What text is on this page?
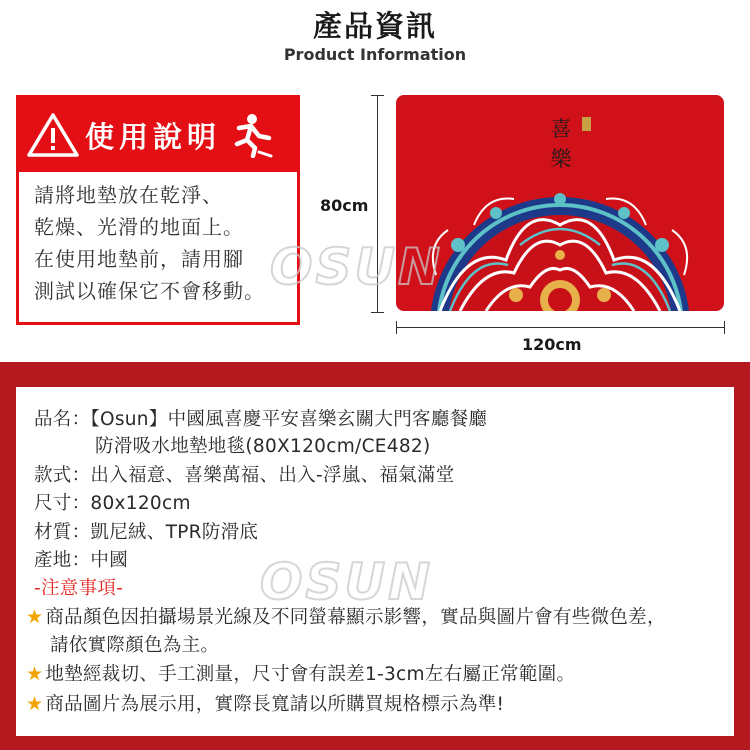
產品資訊
Product Information
使用說明
請將地墊放在乾淨、
乾燥、光滑的地面上。
在使用地墊前，請用腳
測試以確保它不會移動。
80cm
喜
樂
120cm
OSUN
品名：【Osun】中國風喜慶平安喜樂玄關大門客廳餐廳
防滑吸水地墊地毯(80X120cm/CE482)
款式：出入福意、喜樂萬福、出入-浮嵐、福氣滿堂
尺寸：80x120cm
材質：凱尼絨、TPR防滑底
產地：中國
-注意事項-	OSUN
★ 商品顏色因拍攝場景光線及不同螢幕顯示影響，實品與圖片會有些微色差，
請依實際顏色為主。
★ 地墊經裁切、手工測量，尺寸會有誤差1-3cm左右屬正常範圍。
★ 商品圖片為展示用，實際長寬請以所購買規格標示為準!
